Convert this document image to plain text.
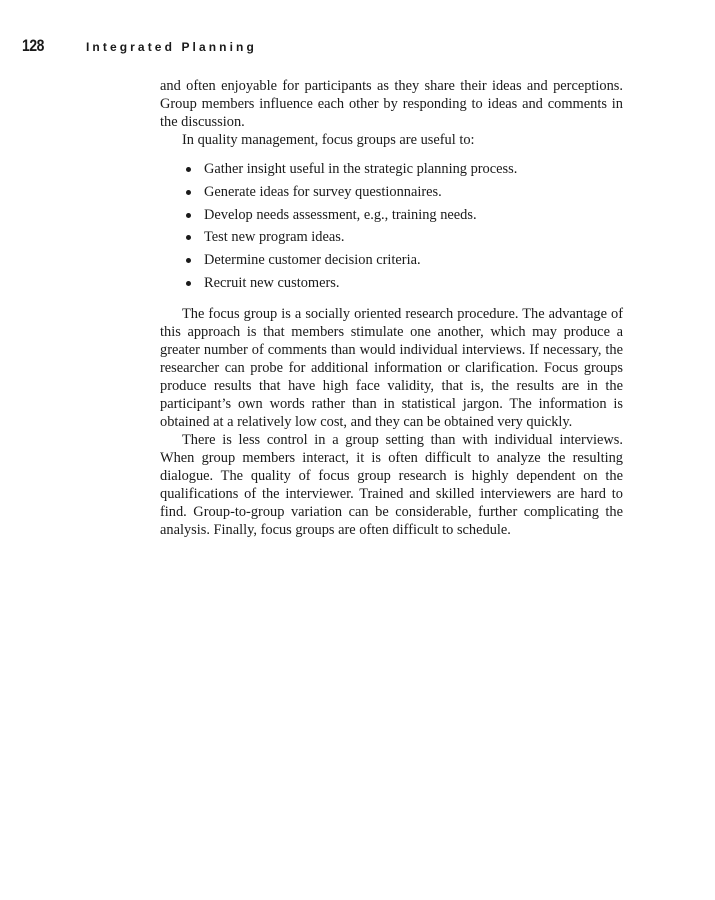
128	Integrated Planning

and often enjoyable for participants as they share their ideas and perceptions. Group members influence each other by responding to ideas and comments in the discussion.

In quality management, focus groups are useful to:

Gather insight useful in the strategic planning process.
Generate ideas for survey questionnaires.
Develop needs assessment, e.g., training needs.
Test new program ideas.
Determine customer decision criteria.
Recruit new customers.

The focus group is a socially oriented research procedure. The advantage of this approach is that members stimulate one another, which may produce a greater number of comments than would individual interviews. If necessary, the researcher can probe for additional information or clarification. Focus groups produce results that have high face validity, that is, the results are in the participant’s own words rather than in statistical jargon. The information is obtained at a relatively low cost, and they can be obtained very quickly.

There is less control in a group setting than with individual interviews. When group members interact, it is often difficult to analyze the resulting dialogue. The quality of focus group research is highly dependent on the qualifications of the interviewer. Trained and skilled interviewers are hard to find. Group-to-group variation can be considerable, further complicating the analysis. Finally, focus groups are often difficult to schedule.
